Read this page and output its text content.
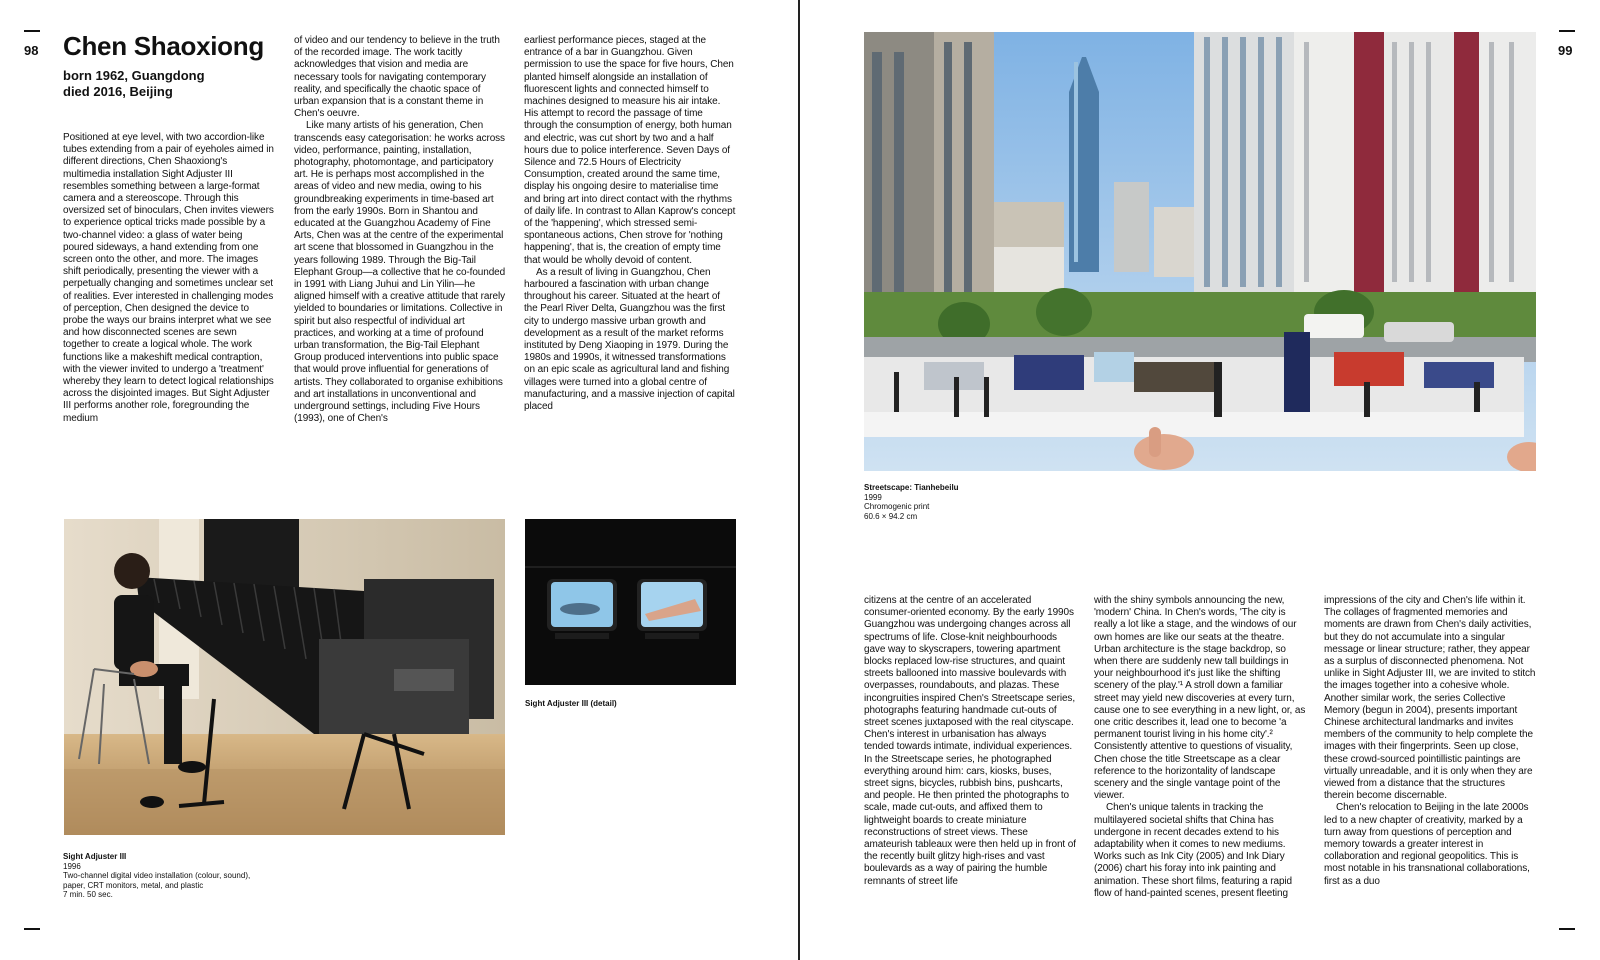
98	99
Chen Shaoxiong
born 1962, Guangdong
died 2016, Beijing

Positioned at eye level, with two accordion-like tubes extending from a pair of eyeholes aimed in different directions, Chen Shaoxiong's multimedia installation Sight Adjuster III resembles something between a large-format camera and a stereoscope. Through this oversized set of binoculars, Chen invites viewers to experience optical tricks made possible by a two-channel video: a glass of water being poured sideways, a hand extending from one screen onto the other, and more. The images shift periodically, presenting the viewer with a perpetually changing and sometimes unclear set of realities. Ever interested in challenging modes of perception, Chen designed the device to probe the ways our brains interpret what we see and how disconnected scenes are sewn together to create a logical whole. The work functions like a makeshift medical contraption, with the viewer invited to undergo a 'treatment' whereby they learn to detect logical relationships across the disjointed images. But Sight Adjuster III performs another role, foregrounding the medium

of video and our tendency to believe in the truth of the recorded image. The work tacitly acknowledges that vision and media are necessary tools for navigating contemporary reality, and specifically the chaotic space of urban expansion that is a constant theme in Chen's oeuvre.

Like many artists of his generation, Chen transcends easy categorisation: he works across video, performance, painting, installation, photography, photomontage, and participatory art. He is perhaps most accomplished in the areas of video and new media, owing to his groundbreaking experiments in time-based art from the early 1990s. Born in Shantou and educated at the Guangzhou Academy of Fine Arts, Chen was at the centre of the experimental art scene that blossomed in Guangzhou in the years following 1989. Through the Big-Tail Elephant Group—a collective that he co-founded in 1991 with Liang Juhui and Lin Yilin—he aligned himself with a creative attitude that rarely yielded to boundaries or limitations. Collective in spirit but also respectful of individual art practices, and working at a time of profound urban transformation, the Big-Tail Elephant Group produced interventions into public space that would prove influential for generations of artists. They collaborated to organise exhibitions and art installations in unconventional and underground settings, including Five Hours (1993), one of Chen's

earliest performance pieces, staged at the entrance of a bar in Guangzhou. Given permission to use the space for five hours, Chen planted himself alongside an installation of fluorescent lights and connected himself to machines designed to measure his air intake. His attempt to record the passage of time through the consumption of energy, both human and electric, was cut short by two and a half hours due to police interference. Seven Days of Silence and 72.5 Hours of Electricity Consumption, created around the same time, display his ongoing desire to materialise time and bring art into direct contact with the rhythms of daily life. In contrast to Allan Kaprow's concept of the 'happening', which stressed semi-spontaneous actions, Chen strove for 'nothing happening', that is, the creation of empty time that would be wholly devoid of content.

As a result of living in Guangzhou, Chen harboured a fascination with urban change throughout his career. Situated at the heart of the Pearl River Delta, Guangzhou was the first city to undergo massive urban growth and development as a result of the market reforms instituted by Deng Xiaoping in 1979. During the 1980s and 1990s, it witnessed transformations on an epic scale as agricultural land and fishing villages were turned into a global centre of manufacturing, and a massive injection of capital placed

Sight Adjuster III
1996
Two-channel digital video installation (colour, sound), paper, CRT monitors, metal, and plastic
7 min. 50 sec.
Sight Adjuster III (detail)
Streetscape: Tianhebeilu
1999
Chromogenic print
60.6 × 94.2 cm

citizens at the centre of an accelerated consumer-oriented economy. By the early 1990s Guangzhou was undergoing changes across all spectrums of life. Close-knit neighbourhoods gave way to skyscrapers, towering apartment blocks replaced low-rise structures, and quaint streets ballooned into massive boulevards with overpasses, roundabouts, and plazas. These incongruities inspired Chen's Streetscape series, photographs featuring handmade cut-outs of street scenes juxtaposed with the real cityscape. Chen's interest in urbanisation has always tended towards intimate, individual experiences. In the Streetscape series, he photographed everything around him: cars, kiosks, buses, street signs, bicycles, rubbish bins, pushcarts, and people. He then printed the photographs to scale, made cut-outs, and affixed them to lightweight boards to create miniature reconstructions of street views. These amateurish tableaux were then held up in front of the recently built glitzy high-rises and vast boulevards as a way of pairing the humble remnants of street life

with the shiny symbols announcing the new, 'modern' China. In Chen's words, 'The city is really a lot like a stage, and the windows of our own homes are like our seats at the theatre. Urban architecture is the stage backdrop, so when there are suddenly new tall buildings in your neighbourhood it's just like the shifting scenery of the play.'¹ A stroll down a familiar street may yield new discoveries at every turn, cause one to see everything in a new light, or, as one critic describes it, lead one to become 'a permanent tourist living in his home city'.² Consistently attentive to questions of visuality, Chen chose the title Streetscape as a clear reference to the horizontality of landscape scenery and the single vantage point of the viewer.

Chen's unique talents in tracking the multilayered societal shifts that China has undergone in recent decades extend to his adaptability when it comes to new mediums. Works such as Ink City (2005) and Ink Diary (2006) chart his foray into ink painting and animation. These short films, featuring a rapid flow of hand-painted scenes, present fleeting

impressions of the city and Chen's life within it. The collages of fragmented memories and moments are drawn from Chen's daily activities, but they do not accumulate into a singular message or linear structure; rather, they appear as a surplus of disconnected phenomena. Not unlike in Sight Adjuster III, we are invited to stitch the images together into a cohesive whole. Another similar work, the series Collective Memory (begun in 2004), presents important Chinese architectural landmarks and invites members of the community to help complete the images with their fingerprints. Seen up close, these crowd-sourced pointillistic paintings are virtually unreadable, and it is only when they are viewed from a distance that the structures therein become discernable.

Chen's relocation to Beijing in the late 2000s led to a new chapter of creativity, marked by a turn away from questions of perception and memory towards a greater interest in collaboration and regional geopolitics. This is most notable in his transnational collaborations, first as a duo
